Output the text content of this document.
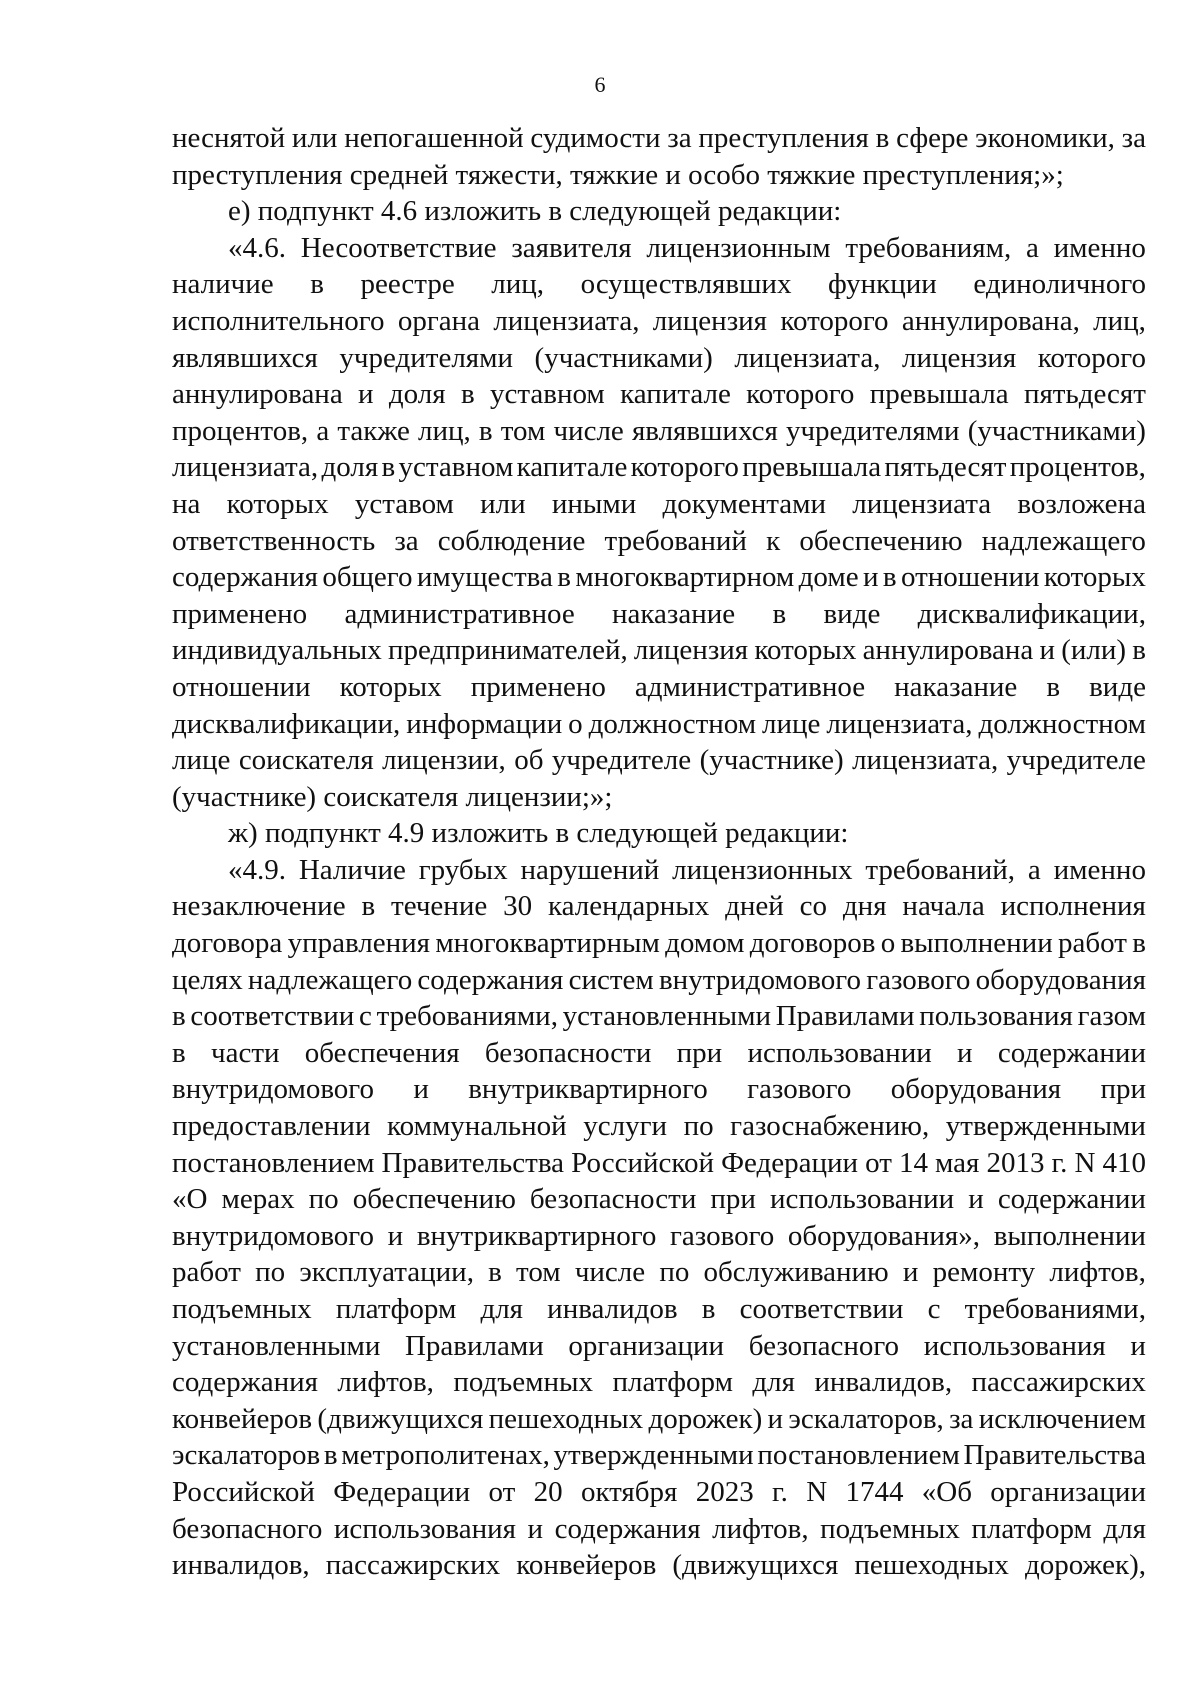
6
неснятой или непогашенной судимости за преступления в сфере экономики, за
преступления средней тяжести, тяжкие и особо тяжкие преступления;»;
е) подпункт 4.6 изложить в следующей редакции:
«4.6. Несоответствие заявителя лицензионным требованиям, а именно
наличие в реестре лиц, осуществлявших функции единоличного
исполнительного органа лицензиата, лицензия которого аннулирована, лиц,
являвшихся учредителями (участниками) лицензиата, лицензия которого
аннулирована и доля в уставном капитале которого превышала пятьдесят
процентов, а также лиц, в том числе являвшихся учредителями (участниками)
лицензиата, доля в уставном капитале которого превышала пятьдесят процентов,
на которых уставом или иными документами лицензиата возложена
ответственность за соблюдение требований к обеспечению надлежащего
содержания общего имущества в многоквартирном доме и в отношении которых
применено административное наказание в виде дисквалификации,
индивидуальных предпринимателей, лицензия которых аннулирована и (или) в
отношении которых применено административное наказание в виде
дисквалификации, информации о должностном лице лицензиата, должностном
лице соискателя лицензии, об учредителе (участнике) лицензиата, учредителе
(участнике) соискателя лицензии;»;
ж) подпункт 4.9 изложить в следующей редакции:
«4.9. Наличие грубых нарушений лицензионных требований, а именно
незаключение в течение 30 календарных дней со дня начала исполнения
договора управления многоквартирным домом договоров о выполнении работ в
целях надлежащего содержания систем внутридомового газового оборудования
в соответствии с требованиями, установленными Правилами пользования газом
в части обеспечения безопасности при использовании и содержании
внутридомового и внутриквартирного газового оборудования при
предоставлении коммунальной услуги по газоснабжению, утвержденными
постановлением Правительства Российской Федерации от 14 мая 2013 г. N 410
«О мерах по обеспечению безопасности при использовании и содержании
внутридомового и внутриквартирного газового оборудования», выполнении
работ по эксплуатации, в том числе по обслуживанию и ремонту лифтов,
подъемных платформ для инвалидов в соответствии с требованиями,
установленными Правилами организации безопасного использования и
содержания лифтов, подъемных платформ для инвалидов, пассажирских
конвейеров (движущихся пешеходных дорожек) и эскалаторов, за исключением
эскалаторов в метрополитенах, утвержденными постановлением Правительства
Российской Федерации от 20 октября 2023 г. N 1744 «Об организации
безопасного использования и содержания лифтов, подъемных платформ для
инвалидов, пассажирских конвейеров (движущихся пешеходных дорожек),
